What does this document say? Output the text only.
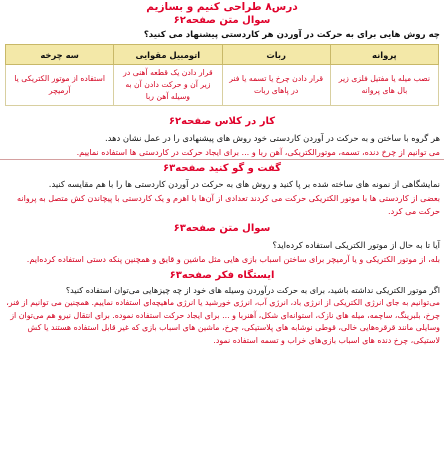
درس۸ طراحی کنیم و بسازیم

سوال متن صفحه۶۲

چه روش هایی برای به حرکت در آوردن هر کاردستی پیشنهاد می کنید؟

پروانه	ربات	اتومبیل مقوایی	سه چرخه
نصب میله یا مفتیل فلزی زیر بال های پروانه	قرار دادن چرخ یا تسمه یا فنر در پاهای ربات	قرار دادن یک قطعه آهنی در زیر آن و حرکت دادن آن به وسیله آهن ربا	استفاده از موتور الکتریکی یا آرمیچر

کار در کلاس صفحه۶۲

هر گروه با ساختن و به حرکت در آوردن کاردستی خود روش های پیشنهادی را در عمل نشان دهد.

می توانیم از چرخ دنده، تسمه، موتورالکتریکی، آهن ربا و ... برای ایجاد حرکت در کاردستی ها استفاده نماییم.

گفت و گو کنید صفحه۶۳

نمایشگاهی از نمونه های ساخته شده بر پا کنید و روش های به حرکت در آوردن کاردستی ها را با هم مقایسه کنید.

بعضی از کاردستی ها با موتور الکتریکی حرکت می کردند تعدادی از آن‌ها با اهرم و یک کاردستی با پیچاندن کش متصل به پروانه حرکت می کرد.

سوال متن صفحه۶۳

آیا تا به حال از موتور الکتریکی استفاده کرده‌اید؟

بله، از موتور الکتریکی و یا آرمیچر برای ساختن اسباب بازی هایی مثل ماشین و قایق و همچنین پنکه دستی استفاده کرده‌ایم.

ایستگاه فکر صفحه۶۳

اگر موتور الکتریکی نداشته باشید، برای به حرکت درآوردن وسیله های خود از چه چیزهایی می‌توان استفاده کنید؟

می‌توانیم به جای انرژی الکتریکی از انرژی باد، انرژی آب، انرژی خورشید یا انرژی ماهیچه‌ای استفاده نماییم. همچنین می توانیم از فنر، چرخ، بلبرینگ، ساچمه، میله های نازک، استوانه‌ای شکل، آهنربا و ... برای ایجاد حرکت استفاده نموده. برای انتقال نیرو هم می‌توان از وسایلی مانند قرقره‌هایی خالی، قوطی نوشابه های پلاستیکی، چرخ، ماشین های اسباب بازی که غیر قابل استفاده هستند یا کش لاستیکی، چرخ دنده های اسباب بازی‌های خراب و تسمه استفاده نمود.
